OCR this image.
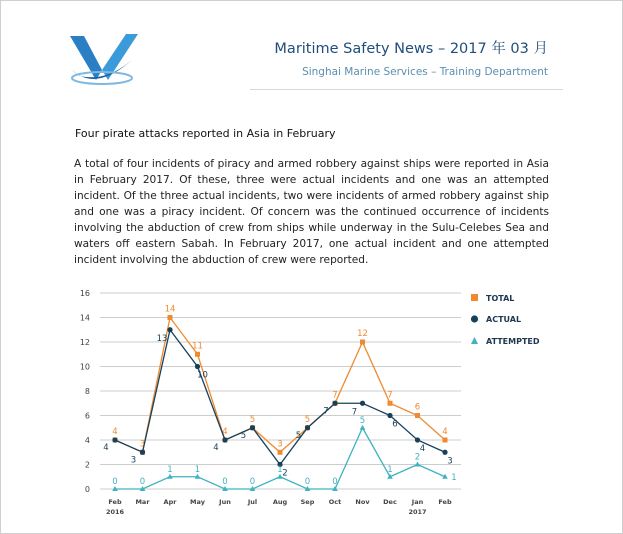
Maritime Safety News – 2017 年 03 月
Singhai Marine Services – Training Department
Four pirate attacks reported in Asia in February
A total of four incidents of piracy and armed robbery against ships were reported in Asia in February 2017. Of these, three were actual incidents and one was an attempted incident. Of the three actual incidents, two were incidents of armed robbery against ship and one was a piracy incident. Of concern was the continued occurrence of incidents involving the abduction of crew from ships while underway in the Sulu-Celebes Sea and waters off eastern Sabah. In February 2017, one actual incident and one attempted incident involving the abduction of crew were reported.
0
2
4
6
8
10
12
14
16
Feb
2016
Mar Apr May Jun	Jul Aug Sep Oct Nov Dec Jan
2017
Feb
4
3
14
11
4
5
3
5
7
12
7
6
4
4
3
13
10
4
5
2
5
7	7
6
4
3
0	0
1	1
0	0
1
0	0
5
1
2
1
TOTAL
ACTUAL
ATTEMPTED
